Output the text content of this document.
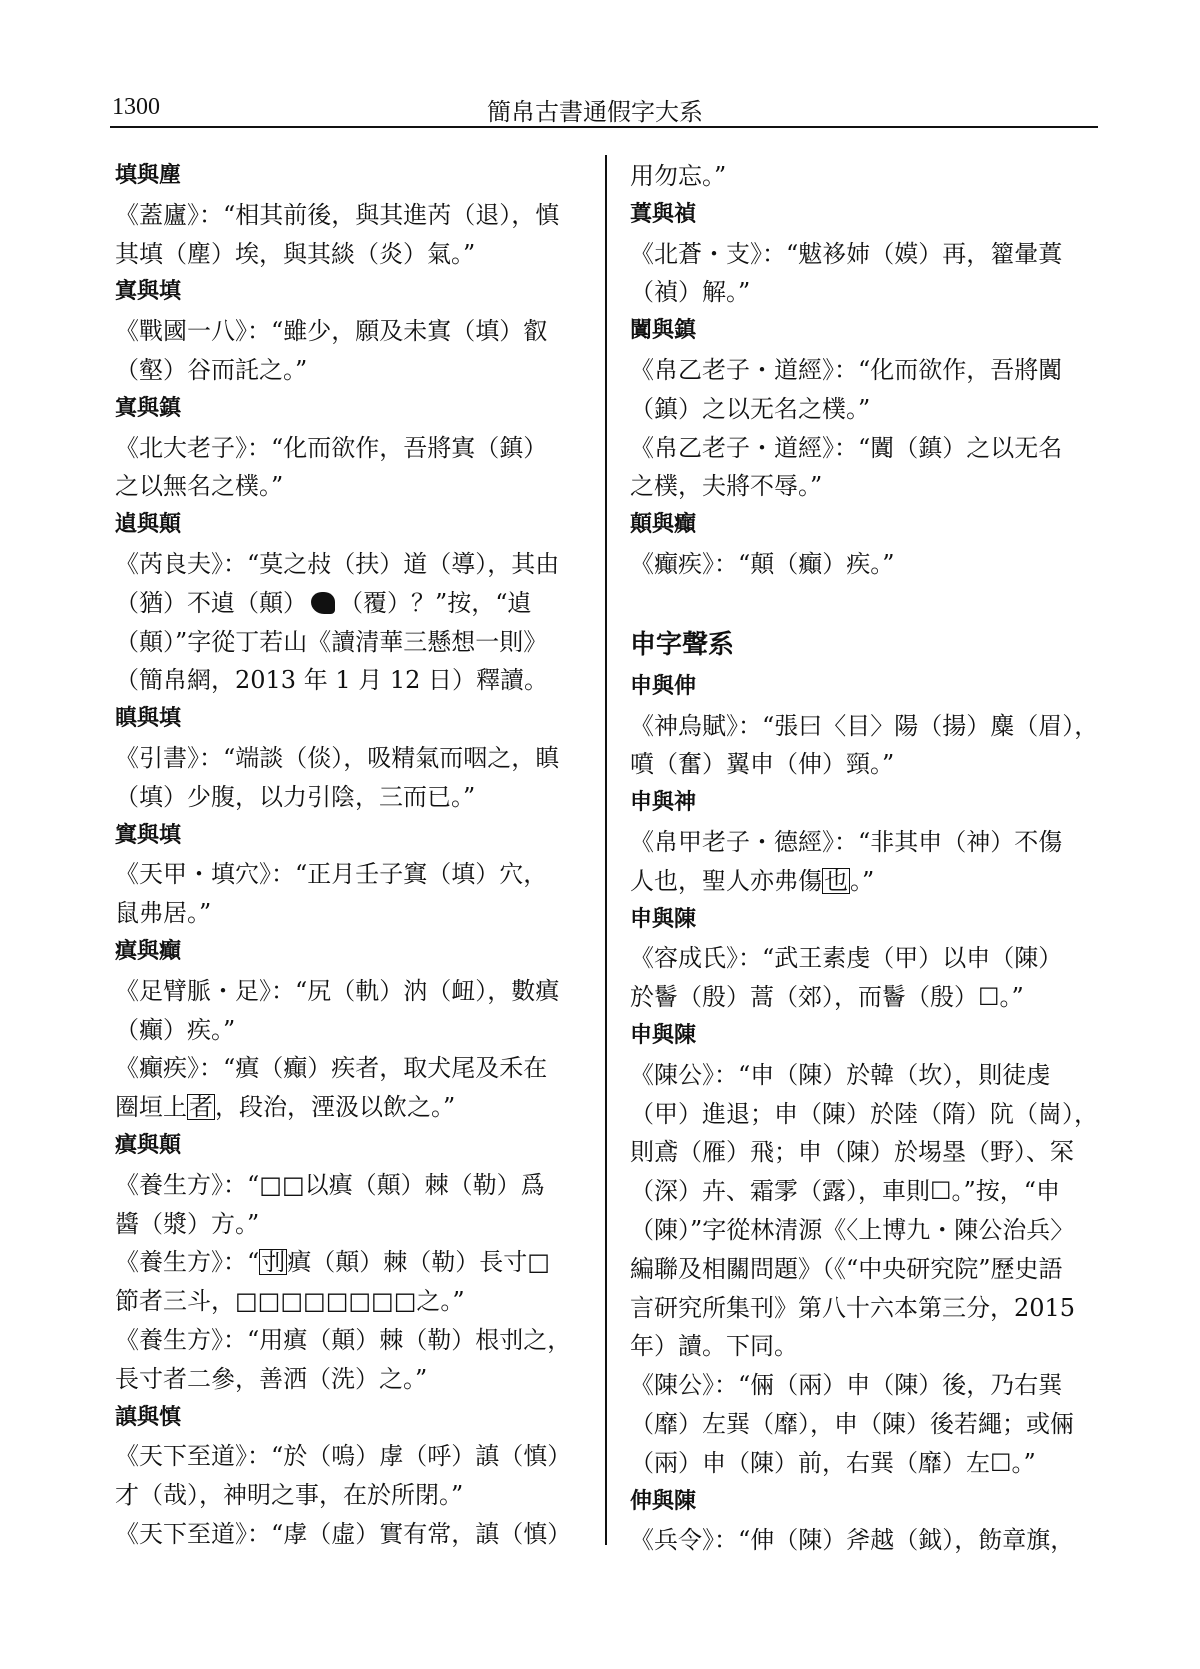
1300	簡帛古書通假字大系

填與塵

《蓋廬》：“相其前後，與其進芮（退），慎

其填（塵）埃，與其緂（炎）氣。”

寘與填

《戰國一八》：“雖少，願及未寘（填）叡

（壑）谷而託之。”

寘與鎮

《北大老子》：“化而欲作，吾將寘（鎮）

之以無名之樸。”

遉與顛

《芮良夫》：“莫之敊（扶）道（導），其由

（猶）不遉（顛） （覆）？”按，“遉

（顛）”字從丁若山《讀清華三懸想一則》

（簡帛網，2013 年 1 月 12 日）釋讀。

瞋與填

《引書》：“端談（倓），吸精氣而咽之，瞋

（填）少腹，以力引陰，三而已。”

窴與填

《天甲・填穴》：“正月壬子窴（填）穴，

鼠弗居。”

瘨與癲

《足臂脈・足》：“尻（軌）汭（衄），數瘨

（癲）疾。”

《癲疾》：“瘨（癲）疾者，取犬尾及禾在

圈垣上者，段治，湮汲以飲之。”

瘨與顛

《養生方》：“□□以瘨（顛）棘（勒）爲

醬（漿）方。”

《養生方》：“刌瘨（顛）棘（勒）長寸□

節者三斗，□□□□□□□□之。”

《養生方》：“用瘨（顛）棘（勒）根刌之，

長寸者二參，善洒（洗）之。”

謓與慎

《天下至道》：“於（嗚）虖（呼）謓（慎）

才（哉），神明之事，在於所閉。”

《天下至道》：“虖（虛）實有常，謓（慎）

用勿忘。”

蒖與禎

《北蒼・支》：“魃袳姉（嫫）再，籊暈蒖

（禎）解。”

闐與鎮

《帛乙老子・道經》：“化而欲作，吾將闐

（鎮）之以无名之樸。”

《帛乙老子・道經》：“闐（鎮）之以无名

之樸，夫將不辱。”

顛與癲

《癲疾》：“顛（癲）疾。”

申字聲系

申與伸

《神烏賦》：“張曰〈目〉陽（揚）麋（眉），

噴（奮）翼申（伸）頸。”

申與神

《帛甲老子・德經》：“非其申（神）不傷

人也，聖人亦弗傷也。”

申與陳

《容成氏》：“武王素虔（甲）以申（陳）

於鬠（殷）蒿（郊），而鬠（殷）☐。”

申與陳

《陳公》：“申（陳）於韓（坎），則徒虔

（甲）進退；申（陳）於陸（隋）阬（崗），

則鳶（雁）飛；申（陳）於埸塁（野）、罙

（深）卉、霜雺（露），車則☐。”按，“申

（陳）”字從林清源《〈上博九・陳公治兵〉

編聯及相關問題》（《“中央研究院”歷史語

言研究所集刊》第八十六本第三分，2015

年）讀。下同。

《陳公》：“倆（兩）申（陳）後，乃右𢁉

（靡）左𢁉（靡），申（陳）後若繩；或倆

（兩）申（陳）前，右𢁉（靡）左☐。”

伸與陳

《兵令》：“伸（陳）斧越（鉞），飭章旗，
